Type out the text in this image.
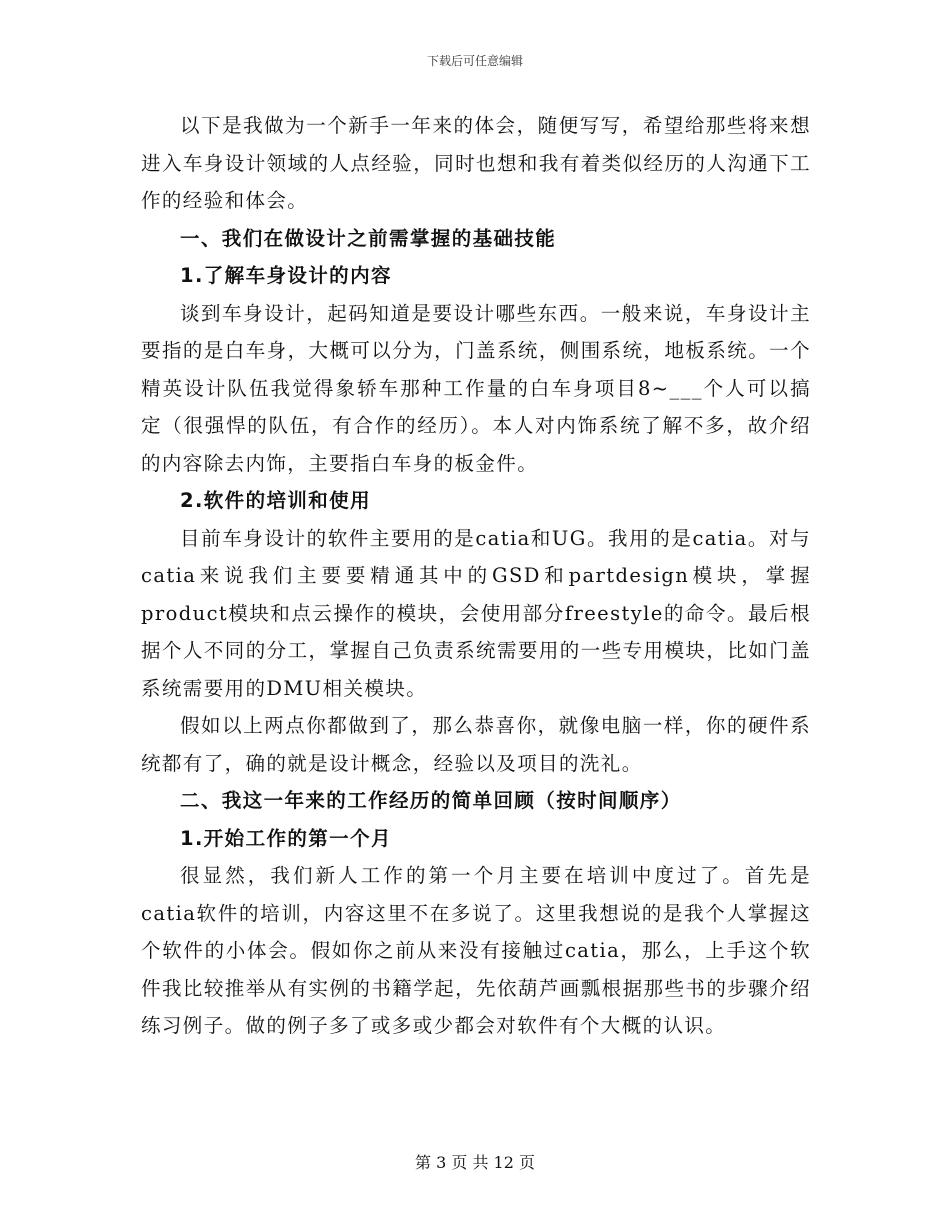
下载后可任意编辑

以下是我做为一个新手一年来的体会，随便写写，希望给那些将来想进入车身设计领域的人点经验，同时也想和我有着类似经历的人沟通下工作的经验和体会。

一、我们在做设计之前需掌握的基础技能

1.了解车身设计的内容

谈到车身设计，起码知道是要设计哪些东西。一般来说，车身设计主要指的是白车身，大概可以分为，门盖系统，侧围系统，地板系统。一个精英设计队伍我觉得象轿车那种工作量的白车身项目8~___个人可以搞定（很强悍的队伍，有合作的经历）。本人对内饰系统了解不多，故介绍的内容除去内饰，主要指白车身的板金件。

2.软件的培训和使用

目前车身设计的软件主要用的是catia和UG。我用的是catia。对与catia来说我们主要要精通其中的GSD和partdesign模块，掌握product模块和点云操作的模块，会使用部分freestyle的命令。最后根据个人不同的分工，掌握自己负责系统需要用的一些专用模块，比如门盖系统需要用的DMU相关模块。

假如以上两点你都做到了，那么恭喜你，就像电脑一样，你的硬件系统都有了，确的就是设计概念，经验以及项目的洗礼。

二、我这一年来的工作经历的简单回顾（按时间顺序）

1.开始工作的第一个月

很显然，我们新人工作的第一个月主要在培训中度过了。首先是catia软件的培训，内容这里不在多说了。这里我想说的是我个人掌握这个软件的小体会。假如你之前从来没有接触过catia，那么，上手这个软件我比较推举从有实例的书籍学起，先依葫芦画瓢根据那些书的步骤介绍练习例子。做的例子多了或多或少都会对软件有个大概的认识。

第 3 页 共 12 页
